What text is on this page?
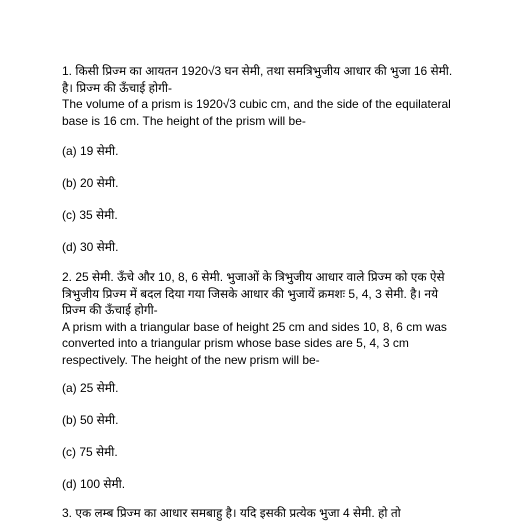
1. किसी प्रिज्म का आयतन 1920√3 घन सेमी, तथा समत्रिभुजीय आधार की भुजा 16 सेमी. है। प्रिज्म की ऊँचाई होगी-

The volume of a prism is 1920√3 cubic cm, and the side of the equilateral base is 16 cm. The height of the prism will be-

(a) 19 सेमी.
(b) 20 सेमी.
(c) 35 सेमी.
(d) 30 सेमी.

2. 25 सेमी. ऊँचे और 10, 8, 6 सेमी. भुजाओं के त्रिभुजीय आधार वाले प्रिज्म को एक ऐसे त्रिभुजीय प्रिज्म में बदल दिया गया जिसके आधार की भुजायें क्रमशः 5, 4, 3 सेमी. है। नये प्रिज्म की ऊँचाई होगी-

A prism with a triangular base of height 25 cm and sides 10, 8, 6 cm was converted into a triangular prism whose base sides are 5, 4, 3 cm respectively. The height of the new prism will be-

(a) 25 सेमी.
(b) 50 सेमी.
(c) 75 सेमी.
(d) 100 सेमी.
3. एक लम्ब प्रिज्म का आधार समबाहु है। यदि इसकी प्रत्येक भुजा 4 सेमी. हो तो
